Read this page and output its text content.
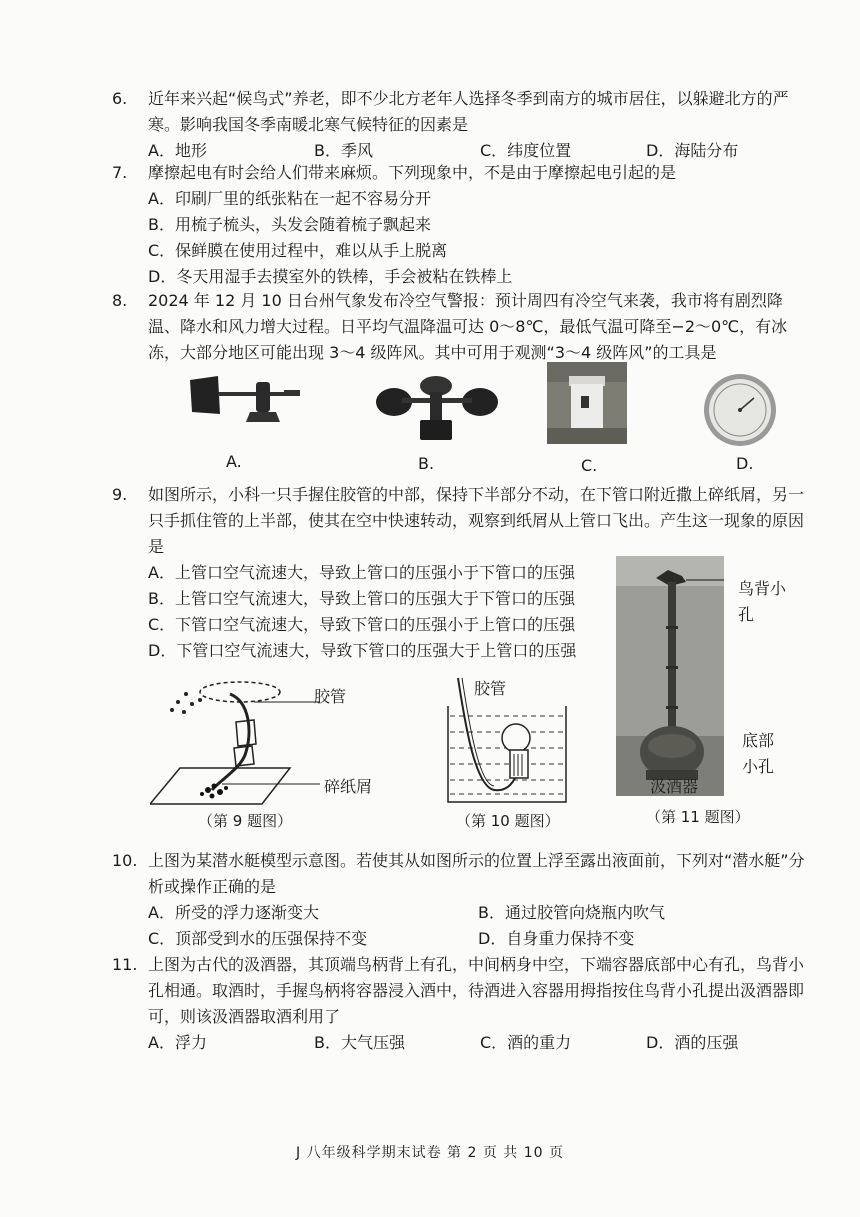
6.	近年来兴起“候鸟式”养老，即不少北方老年人选择冬季到南方的城市居住，以躲避北方的严寒。影响我国冬季南暖北寒气候特征的因素是
A．地形	B．季风	C．纬度位置	D．海陆分布
7.	摩擦起电有时会给人们带来麻烦。下列现象中，不是由于摩擦起电引起的是
A．印刷厂里的纸张粘在一起不容易分开
B．用梳子梳头，头发会随着梳子飘起来
C．保鲜膜在使用过程中，难以从手上脱离
D．冬天用湿手去摸室外的铁棒，手会被粘在铁棒上
8.	2024 年 12 月 10 日台州气象发布冷空气警报：预计周四有冷空气来袭，我市将有剧烈降温、降水和风力增大过程。日平均气温降温可达 0～8℃，最低气温可降至−2～0℃，有冰冻，大部分地区可能出现 3～4 级阵风。其中可用于观测“3～4 级阵风”的工具是
A.	B.	C.	D.
9.	如图所示，小科一只手握住胶管的中部，保持下半部分不动，在下管口附近撒上碎纸屑，另一只手抓住管的上半部，使其在空中快速转动，观察到纸屑从上管口飞出。产生这一现象的原因是
A．上管口空气流速大，导致上管口的压强小于下管口的压强
B．上管口空气流速大，导致上管口的压强大于下管口的压强
C．下管口空气流速大，导致下管口的压强小于上管口的压强
D．下管口空气流速大，导致下管口的压强大于上管口的压强
胶管
碎纸屑
（第 9 题图）
胶管
（第 10 题图）
鸟背小孔
底部小孔
汲酒器
（第 11 题图）
10. 上图为某潜水艇模型示意图。若使其从如图所示的位置上浮至露出液面前，下列对“潜水艇”分析或操作正确的是
A．所受的浮力逐渐变大	B．通过胶管向烧瓶内吹气
C．顶部受到水的压强保持不变	D．自身重力保持不变
11. 上图为古代的汲酒器，其顶端鸟柄背上有孔，中间柄身中空，下端容器底部中心有孔，鸟背小孔相通。取酒时，手握鸟柄将容器浸入酒中，待酒进入容器用拇指按住鸟背小孔提出汲酒器即可，则该汲酒器取酒利用了
A．浮力	B．大气压强	C．酒的重力	D．酒的压强
J 八年级科学期末试卷 第 2 页 共 10 页
